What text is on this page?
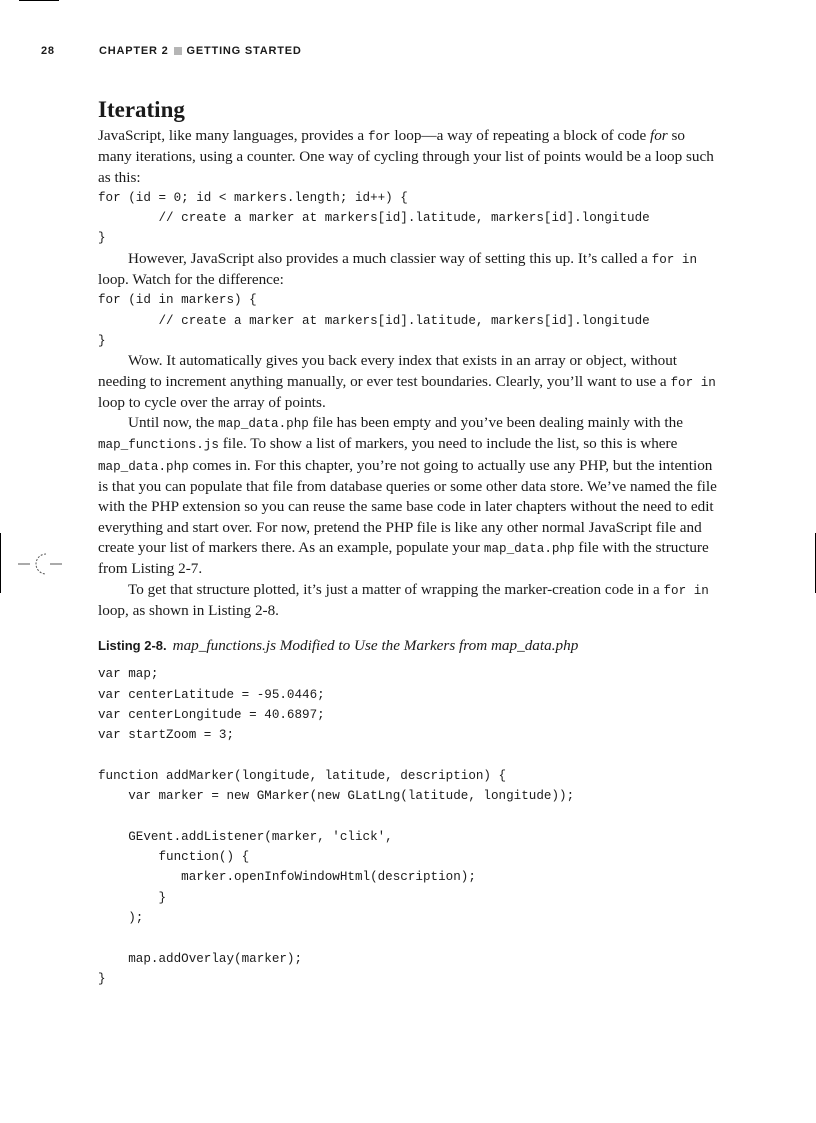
28	CHAPTER 2 GETTING STARTED
Iterating

JavaScript, like many languages, provides a for loop—a way of repeating a block of code for so many iterations, using a counter. One way of cycling through your list of points would be a loop such as this:

for (id = 0; id < markers.length; id++) {
// create a marker at markers[id].latitude, markers[id].longitude
}

However, JavaScript also provides a much classier way of setting this up. It’s called a for in loop. Watch for the difference:

for (id in markers) {
// create a marker at markers[id].latitude, markers[id].longitude
}

Wow. It automatically gives you back every index that exists in an array or object, without needing to increment anything manually, or ever test boundaries. Clearly, you’ll want to use a for in loop to cycle over the array of points.

Until now, the map_data.php file has been empty and you’ve been dealing mainly with the map_functions.js file. To show a list of markers, you need to include the list, so this is where map_data.php comes in. For this chapter, you’re not going to actually use any PHP, but the intention is that you can populate that file from database queries or some other data store. We’ve named the file with the PHP extension so you can reuse the same base code in later chapters without the need to edit everything and start over. For now, pretend the PHP file is like any other normal JavaScript file and create your list of markers there. As an example, populate your map_data.php file with the structure from Listing 2-7.

To get that structure plotted, it’s just a matter of wrapping the marker-creation code in a for in loop, as shown in Listing 2-8.

Listing 2-8. map_functions.js Modified to Use the Markers from map_data.php
var map;
var centerLatitude = -95.0446;
var centerLongitude = 40.6897;
var startZoom = 3;

function addMarker(longitude, latitude, description) {
var marker = new GMarker(new GLatLng(latitude, longitude));

GEvent.addListener(marker, 'click',
function() {
marker.openInfoWindowHtml(description);
}
);

map.addOverlay(marker);
}
